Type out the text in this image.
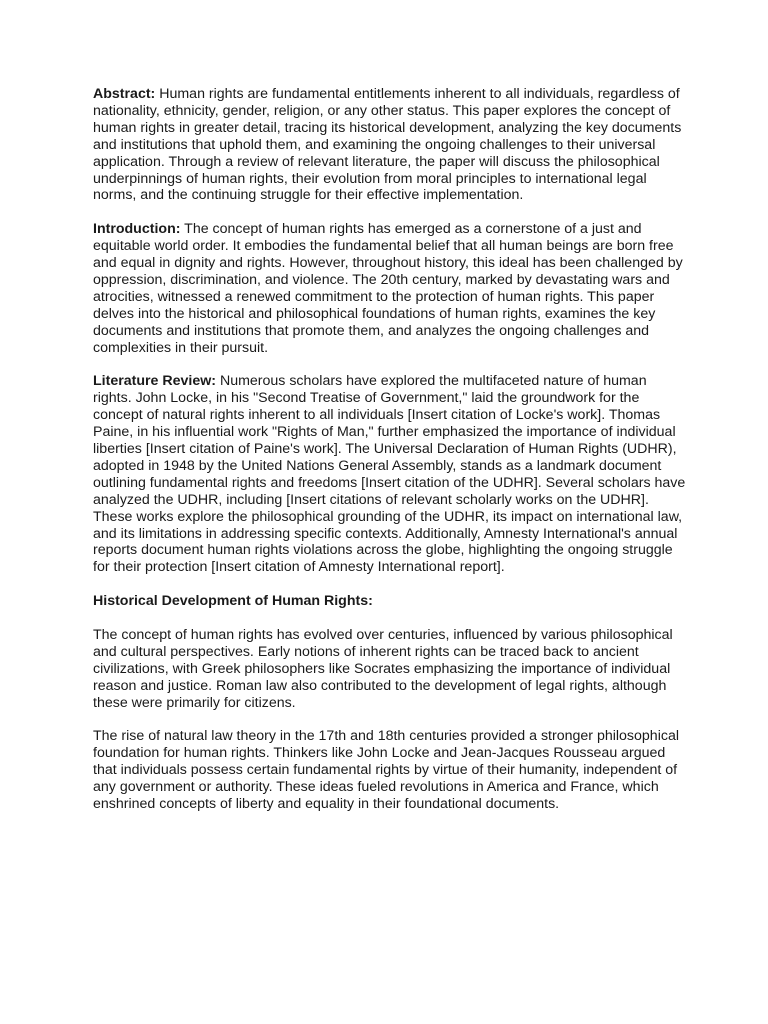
Abstract: Human rights are fundamental entitlements inherent to all individuals, regardless of nationality, ethnicity, gender, religion, or any other status. This paper explores the concept of human rights in greater detail, tracing its historical development, analyzing the key documents and institutions that uphold them, and examining the ongoing challenges to their universal application. Through a review of relevant literature, the paper will discuss the philosophical underpinnings of human rights, their evolution from moral principles to international legal norms, and the continuing struggle for their effective implementation.

Introduction: The concept of human rights has emerged as a cornerstone of a just and equitable world order. It embodies the fundamental belief that all human beings are born free and equal in dignity and rights. However, throughout history, this ideal has been challenged by oppression, discrimination, and violence. The 20th century, marked by devastating wars and atrocities, witnessed a renewed commitment to the protection of human rights. This paper delves into the historical and philosophical foundations of human rights, examines the key documents and institutions that promote them, and analyzes the ongoing challenges and complexities in their pursuit.

Literature Review: Numerous scholars have explored the multifaceted nature of human rights. John Locke, in his "Second Treatise of Government," laid the groundwork for the concept of natural rights inherent to all individuals [Insert citation of Locke's work]. Thomas Paine, in his influential work "Rights of Man," further emphasized the importance of individual liberties [Insert citation of Paine's work]. The Universal Declaration of Human Rights (UDHR), adopted in 1948 by the United Nations General Assembly, stands as a landmark document outlining fundamental rights and freedoms [Insert citation of the UDHR]. Several scholars have analyzed the UDHR, including [Insert citations of relevant scholarly works on the UDHR]. These works explore the philosophical grounding of the UDHR, its impact on international law, and its limitations in addressing specific contexts. Additionally, Amnesty International's annual reports document human rights violations across the globe, highlighting the ongoing struggle for their protection [Insert citation of Amnesty International report].

Historical Development of Human Rights:

The concept of human rights has evolved over centuries, influenced by various philosophical and cultural perspectives. Early notions of inherent rights can be traced back to ancient civilizations, with Greek philosophers like Socrates emphasizing the importance of individual reason and justice. Roman law also contributed to the development of legal rights, although these were primarily for citizens.

The rise of natural law theory in the 17th and 18th centuries provided a stronger philosophical foundation for human rights. Thinkers like John Locke and Jean-Jacques Rousseau argued that individuals possess certain fundamental rights by virtue of their humanity, independent of any government or authority. These ideas fueled revolutions in America and France, which enshrined concepts of liberty and equality in their foundational documents.
